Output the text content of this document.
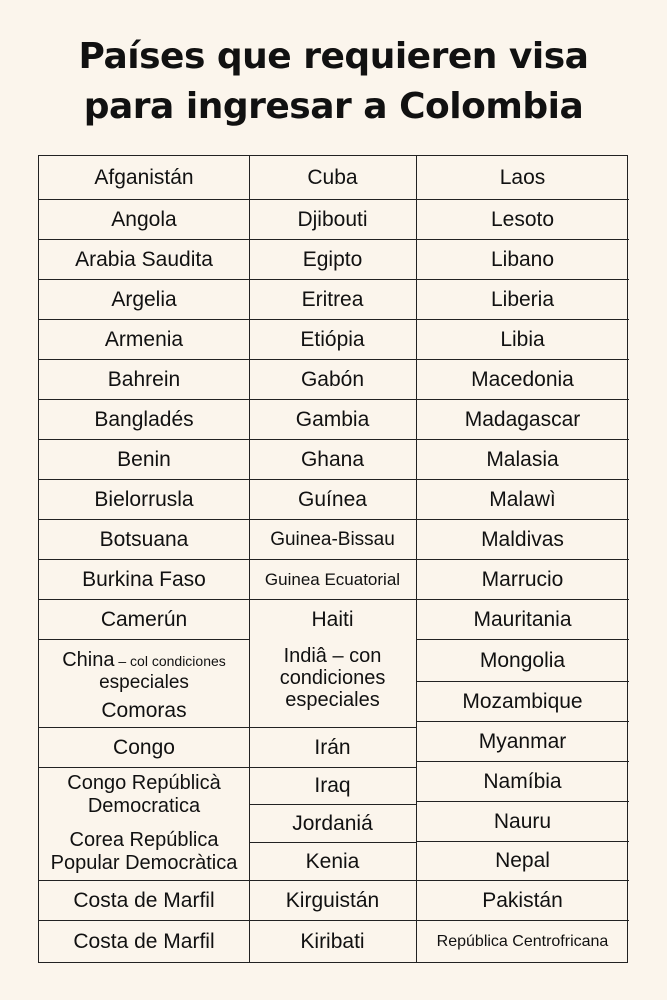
Países que requieren visa
para ingresar a Colombia
Afganistán
Angola
Arabia Saudita
Argelia
Armenia
Bahrein
Bangladés
Benin
Bielorrusla
Botsuana
Burkina Faso
Camerún
China – col condiciones
especiales
Comoras
Congo
Congo Repúblicà
Democratica
Corea República
Popular Democràtica
Costa de Marfil
Costa de Marfil
Cuba
Djibouti
Egipto
Eritrea
Etiópia
Gabón
Gambia
Ghana
Guínea
Guinea-Bissau
Guinea Ecuatorial
Haiti
Indiâ – con
condiciones
especiales
Irán
Iraq
Jordaniá
Kenia
Kirguistán
Kiribati
Laos
Lesoto
Libano
Liberia
Libia
Macedonia
Madagascar
Malasia
Malawì
Maldivas
Marrucio
Mauritania
Mongolia
Mozambique
Myanmar
Namíbia
Nauru
Nepal
Pakistán
República Centrofricana
